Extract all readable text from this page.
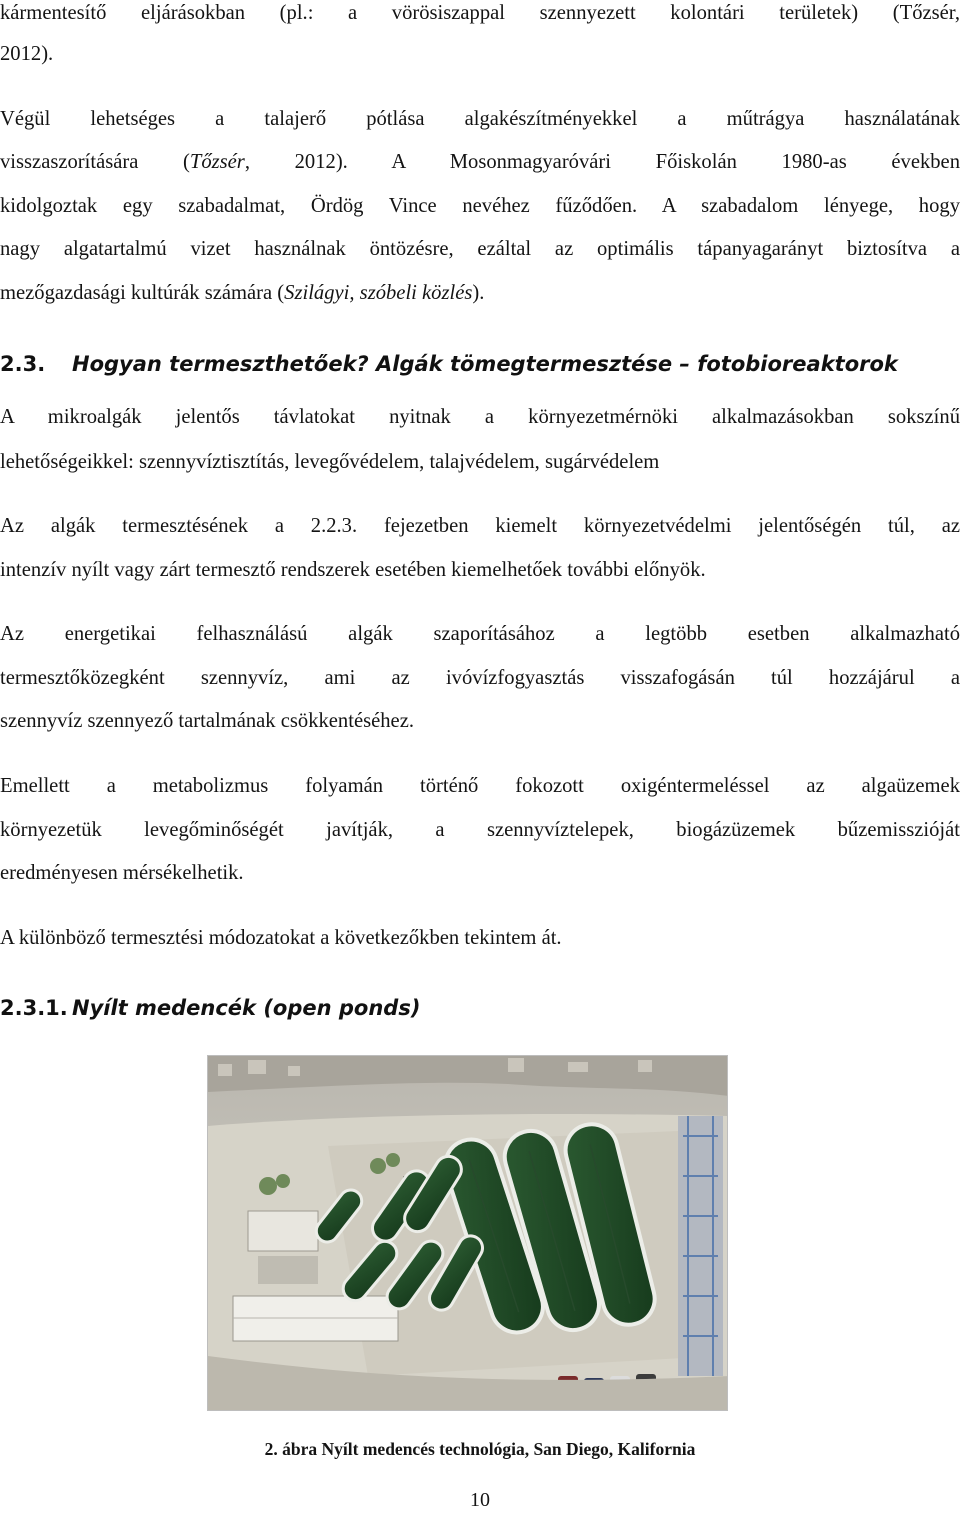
kármentesítő eljárásokban (pl.: a vörösiszappal szennyezett kolontári területek) (Tőzsér,
2012).
Végül lehetséges a talajerő pótlása algakészítményekkel a műtrágya használatának
visszaszorítására (Tőzsér, 2012). A Mosonmagyaróvári Főiskolán 1980-as években
kidolgoztak egy szabadalmat, Ördög Vince nevéhez fűződően. A szabadalom lényege, hogy
nagy algatartalmú vizet használnak öntözésre, ezáltal az optimális tápanyagarányt biztosítva a
mezőgazdasági kultúrák számára (Szilágyi, szóbeli közlés).
2.3. Hogyan termeszthetőek? Algák tömegtermesztése – fotobioreaktorok
A mikroalgák jelentős távlatokat nyitnak a környezetmérnöki alkalmazásokban sokszínű
lehetőségeikkel: szennyvíztisztítás, levegővédelem, talajvédelem, sugárvédelem
Az algák termesztésének a 2.2.3. fejezetben kiemelt környezetvédelmi jelentőségén túl, az
intenzív nyílt vagy zárt termesztő rendszerek esetében kiemelhetőek további előnyök.
Az energetikai felhasználású algák szaporításához a legtöbb esetben alkalmazható
termesztőközegként szennyvíz, ami az ivóvízfogyasztás visszafogásán túl hozzájárul a
szennyvíz szennyező tartalmának csökkentéséhez.
Emellett a metabolizmus folyamán történő fokozott oxigéntermeléssel az algaüzemek
környezetük levegőminőségét javítják, a szennyvíztelepek, biogázüzemek bűzemisszióját
eredményesen mérsékelhetik.
A különböző termesztési módozatokat a következőkben tekintem át.
2.3.1. Nyílt medencék (open ponds)
2. ábra Nyílt medencés technológia, San Diego, Kalifornia
10
